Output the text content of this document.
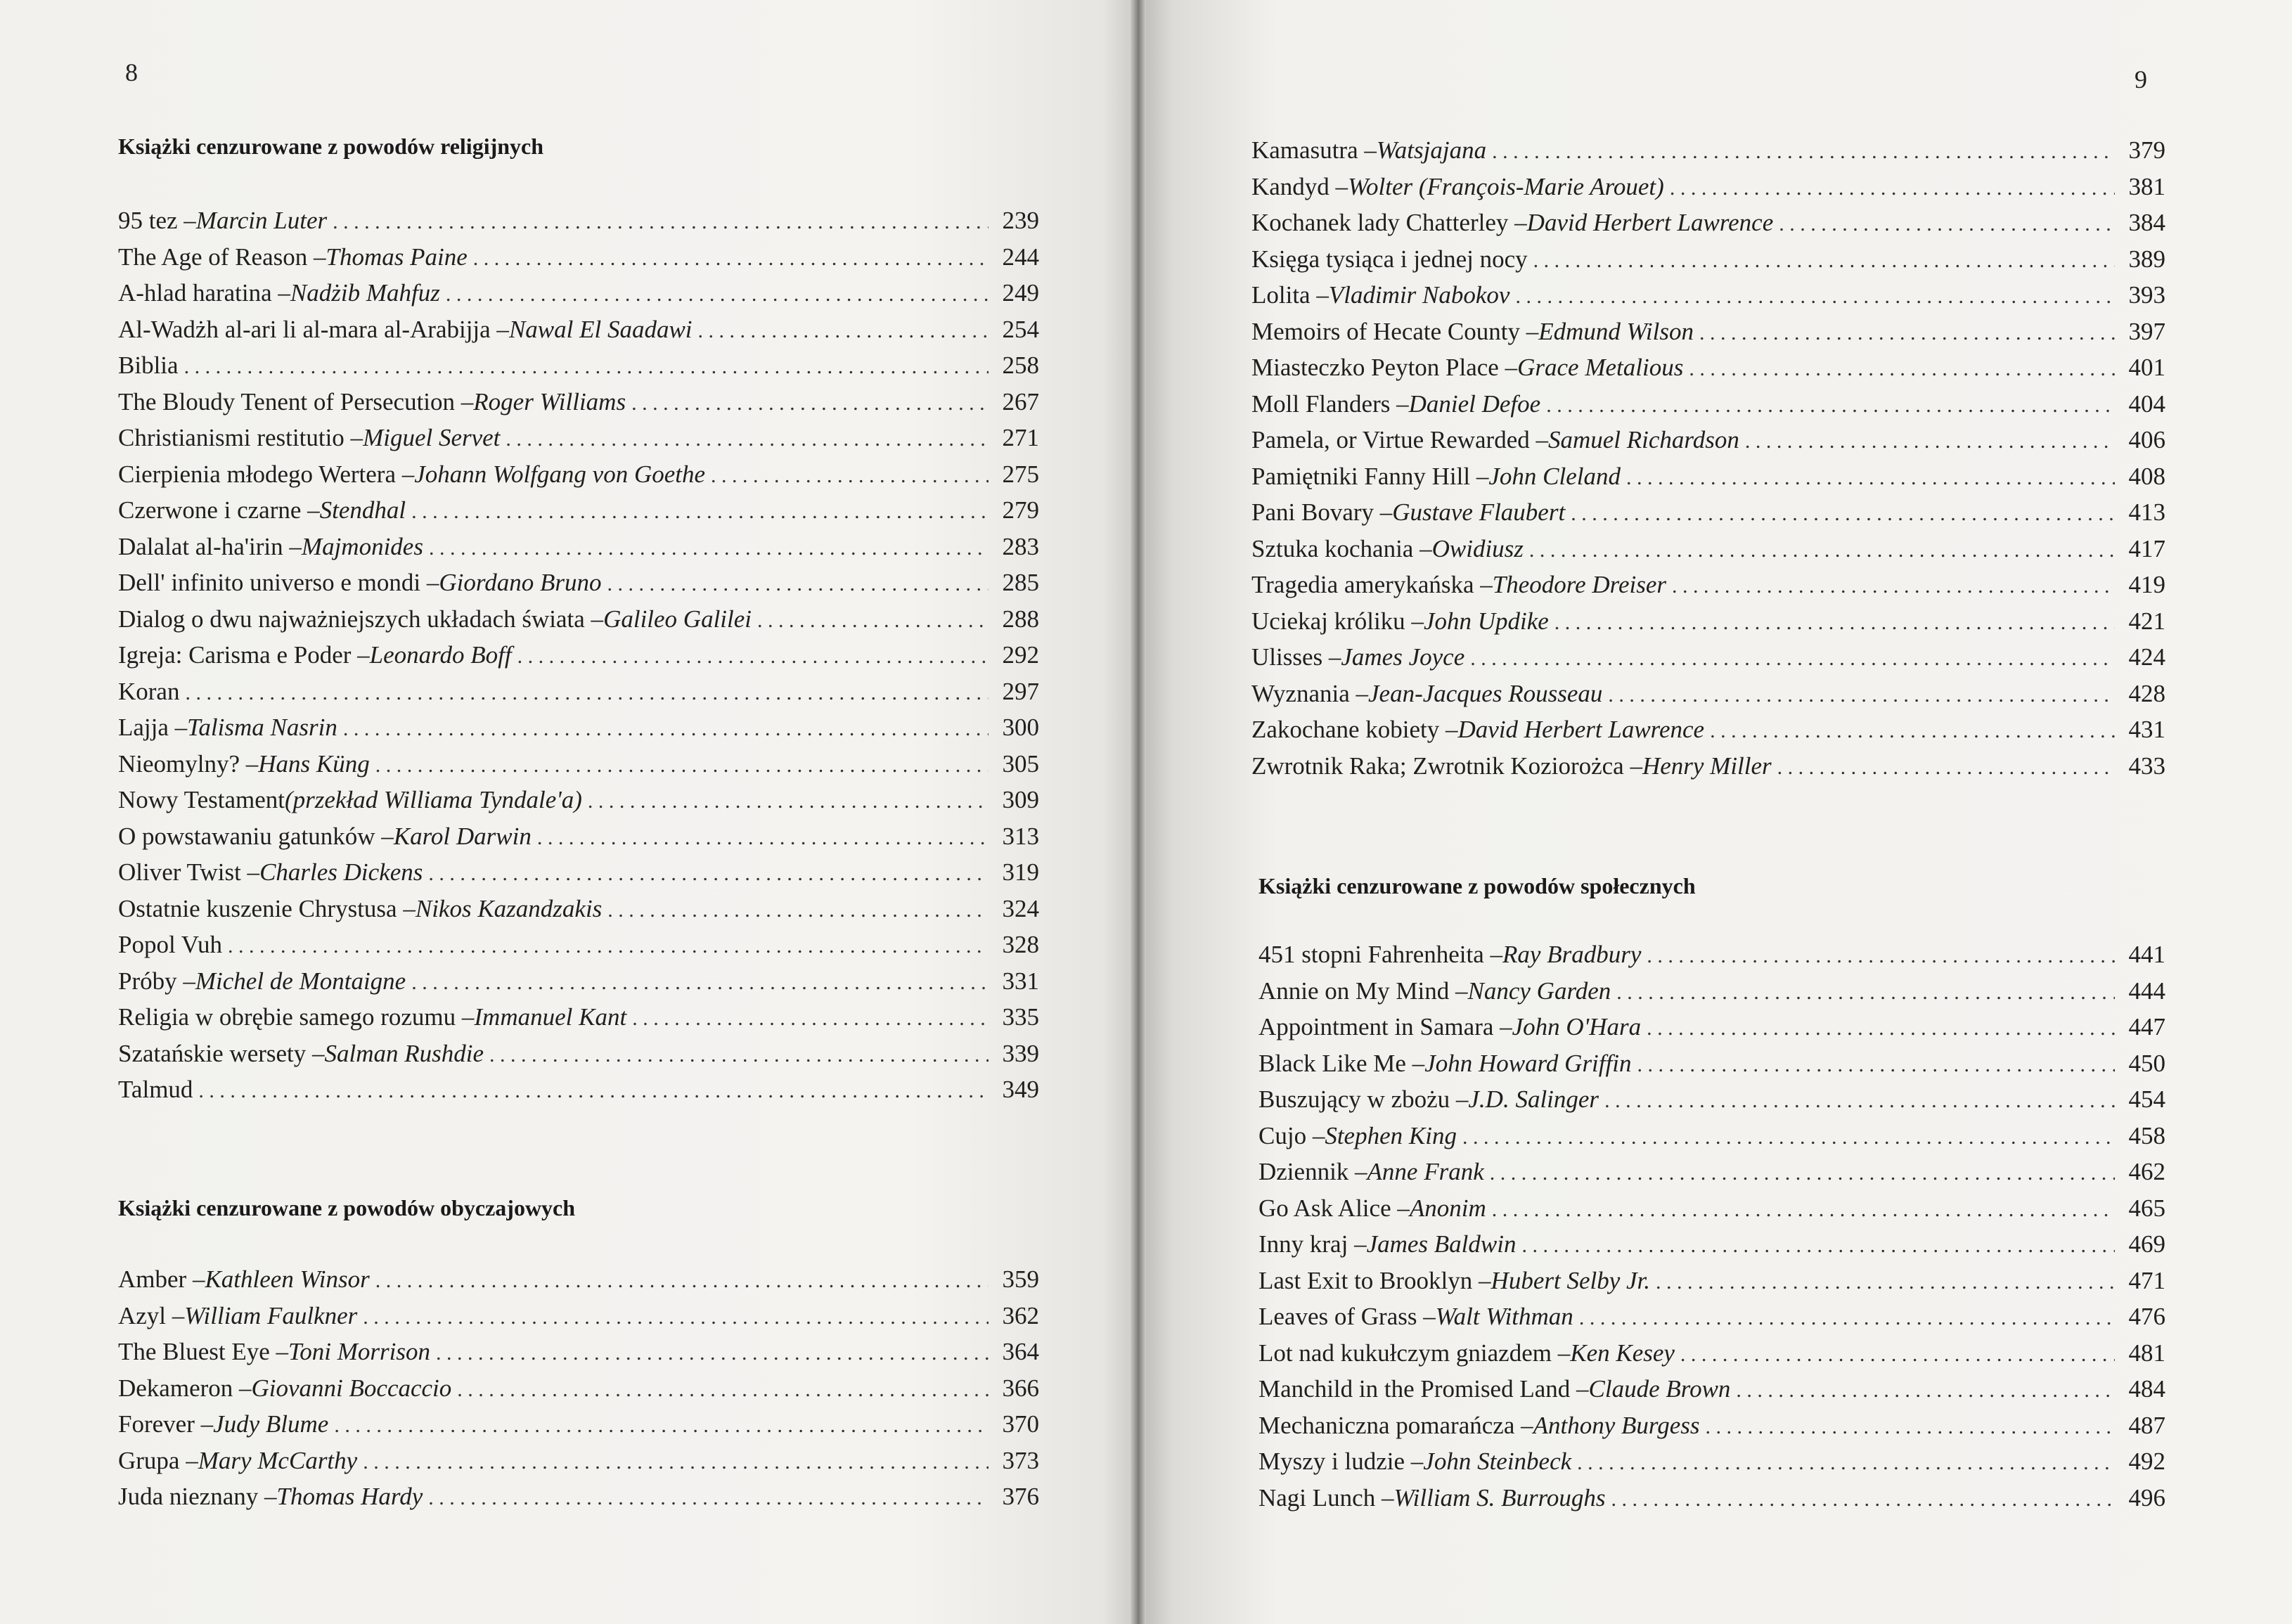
8
Książki cenzurowane z powodów religijnych
95 tez – Marcin Luter . . .	239
The Age of Reason – Thomas Paine . . .	244
A-hlad haratina – Nadżib Mahfuz . . .	249
Al-Wadżh al-ari li al-mara al-Arabijja – Nawal El Saadawi . . .	254
Biblia . . .	258
The Bloudy Tenent of Persecution – Roger Williams . . .	267
Christianismi restitutio – Miguel Servet . . .	271
Cierpienia młodego Wertera – Johann Wolfgang von Goethe . . .	275
Czerwone i czarne – Stendhal . . .	279
Dalalat al-ha'irin – Majmonides . . .	283
Dell' infinito universo e mondi – Giordano Bruno . . .	285
Dialog o dwu najważniejszych układach świata – Galileo Galilei . . .	288
Igreja: Carisma e Poder – Leonardo Boff . . .	292
Koran . . .	297
Lajja – Talisma Nasrin . . .	300
Nieomylny? – Hans Küng . . .	305
Nowy Testament (przekład Williama Tyndale'a) . . .	309
O powstawaniu gatunków – Karol Darwin . . .	313
Oliver Twist – Charles Dickens . . .	319
Ostatnie kuszenie Chrystusa – Nikos Kazandzakis . . .	324
Popol Vuh . . .	328
Próby – Michel de Montaigne . . .	331
Religia w obrębie samego rozumu – Immanuel Kant . . .	335
Szatańskie wersety – Salman Rushdie . . .	339
Talmud . . .	349
Książki cenzurowane z powodów obyczajowych
Amber – Kathleen Winsor . . .	359
Azyl – William Faulkner . . .	362
The Bluest Eye – Toni Morrison . . .	364
Dekameron – Giovanni Boccaccio . . .	366
Forever – Judy Blume . . .	370
Grupa – Mary McCarthy . . .	373
Juda nieznany – Thomas Hardy . . .	376
9
Kamasutra – Watsjajana . . .	379
Kandyd – Wolter (François-Marie Arouet) . . .	381
Kochanek lady Chatterley – David Herbert Lawrence . . .	384
Księga tysiąca i jednej nocy . . .	389
Lolita – Vladimir Nabokov . . .	393
Memoirs of Hecate County – Edmund Wilson . . .	397
Miasteczko Peyton Place – Grace Metalious . . .	401
Moll Flanders – Daniel Defoe . . .	404
Pamela, or Virtue Rewarded – Samuel Richardson . . .	406
Pamiętniki Fanny Hill – John Cleland . . .	408
Pani Bovary – Gustave Flaubert . . .	413
Sztuka kochania – Owidiusz . . .	417
Tragedia amerykańska – Theodore Dreiser . . .	419
Uciekaj króliku – John Updike . . .	421
Ulisses – James Joyce . . .	424
Wyznania – Jean-Jacques Rousseau . . .	428
Zakochane kobiety – David Herbert Lawrence . . .	431
Zwrotnik Raka; Zwrotnik Koziorożca – Henry Miller . . .	433
Książki cenzurowane z powodów społecznych
451 stopni Fahrenheita – Ray Bradbury . . .	441
Annie on My Mind – Nancy Garden . . .	444
Appointment in Samara – John O'Hara . . .	447
Black Like Me – John Howard Griffin . . .	450
Buszujący w zbożu – J.D. Salinger . . .	454
Cujo – Stephen King . . .	458
Dziennik – Anne Frank . . .	462
Go Ask Alice – Anonim . . .	465
Inny kraj – James Baldwin . . .	469
Last Exit to Brooklyn – Hubert Selby Jr. . . .	471
Leaves of Grass – Walt Withman . . .	476
Lot nad kukułczym gniazdem – Ken Kesey . . .	481
Manchild in the Promised Land – Claude Brown . . .	484
Mechaniczna pomarańcza – Anthony Burgess . . .	487
Myszy i ludzie – John Steinbeck . . .	492
Nagi Lunch – William S. Burroughs . . .	496
